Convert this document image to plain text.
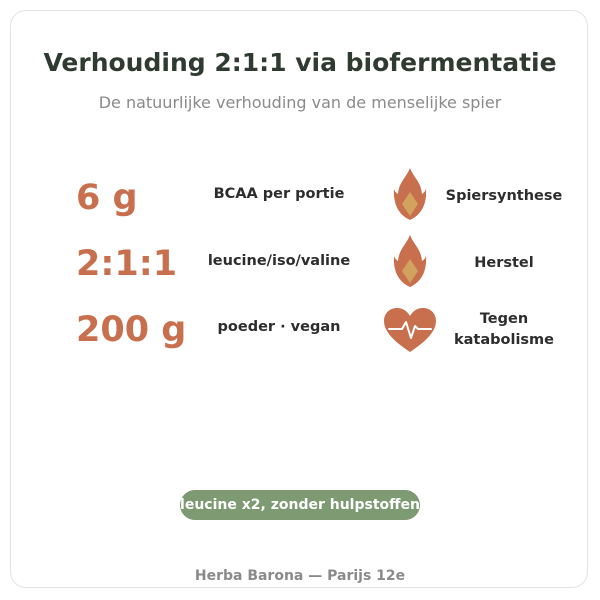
Verhouding 2:1:1 via biofermentatie
De natuurlijke verhouding van de menselijke spier
6 g	BCAA per portie	Spiersynthese
2:1:1	leucine/iso/valine	Herstel
200 g	poeder · vegan	Tegen
katabolisme
leucine x2, zonder hulpstoffen
Herba Barona — Parijs 12e
